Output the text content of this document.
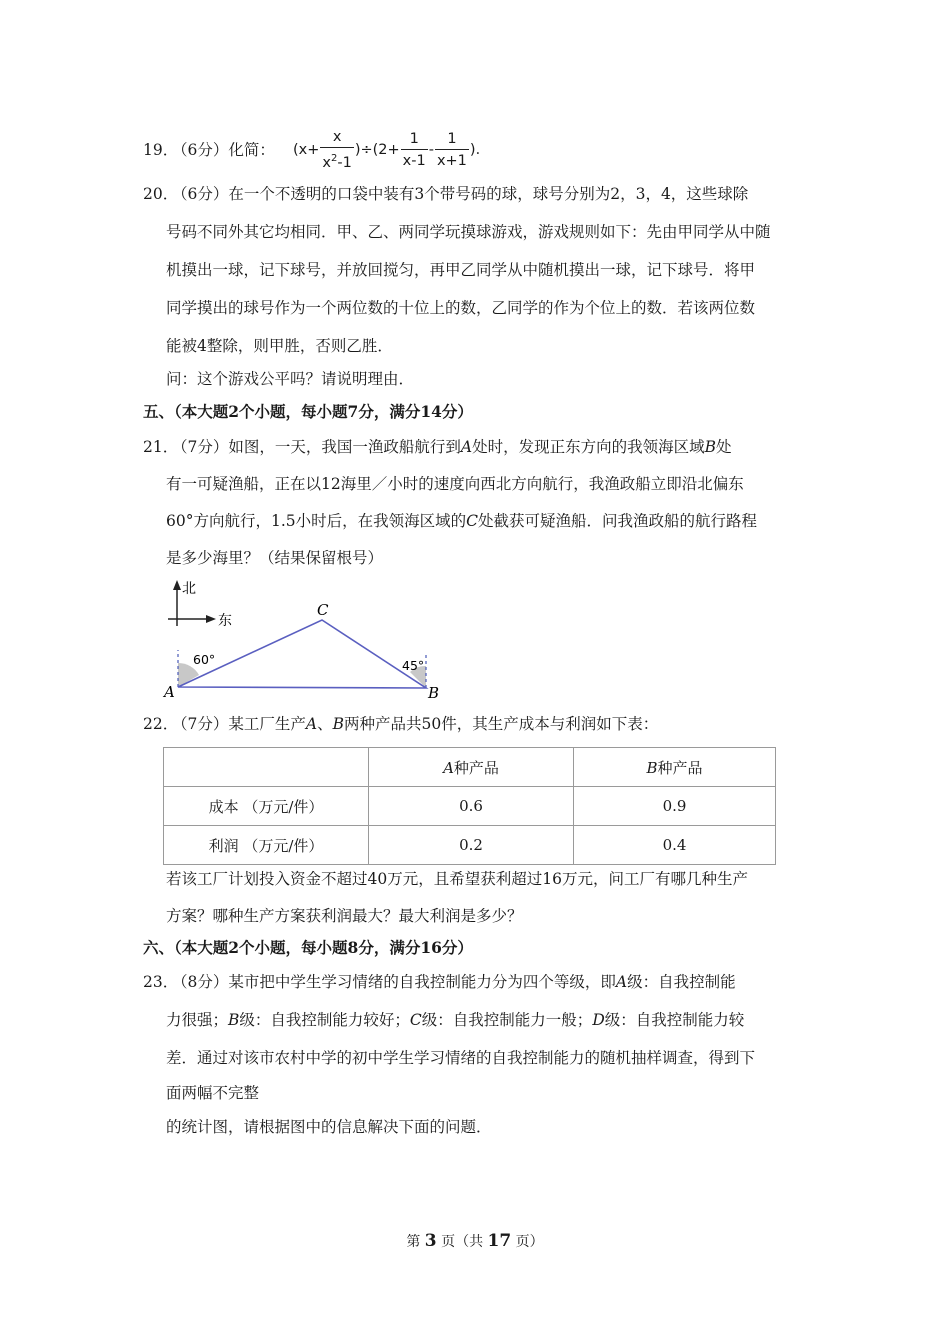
19．
（6分）化简： $(x+ \frac{x}{x^2-1} )\div(2+ \frac{1}{x-1} - \frac{1}{x+1}$ )．
20．
（6分）在一个不透明的口袋中装有3个带号码的球，球号分别为2，3，4，这些球除
号码不同外其它均相同．甲、乙、两同学玩摸球游戏，游戏规则如下：先由甲同学从中随
机摸出一球，记下球号，并放回搅匀，再甲乙同学从中随机摸出一球，记下球号．将甲
同学摸出的球号作为一个两位数的十位上的数，乙同学的作为个位上的数．若该两位数
能被4整除，则甲胜，否则乙胜．
问：这个游戏公平吗？请说明理由．
五、（本大题2个小题，每小题7分，满分14分）
21．
（7分）如图，一天，我国一渔政船航行到A处时，发现正东方向的我领海区域B处
有一可疑渔船，正在以12海里／小时的速度向西北方向航行，我渔政船立即沿北偏东
60°方向航行，1.5小时后，在我领海区域的C处截获可疑渔船．问我渔政船的航行路程
是多少海里？（结果保留根号）
北
东
A	B
C
60°	45°
22．
（7分）某工厂生产A、B两种产品共50件，其生产成本与利润如下表：
	A种产品	B种产品
成本 （万元/件）	0.6	0.9
利润 （万元/件）	0.2	0.4
若该工厂计划投入资金不超过40万元，且希望获利超过16万元，问工厂有哪几种生产
方案？哪种生产方案获利润最大？最大利润是多少？
六、（本大题2个小题，每小题8分，满分16分）
23．
（8分）某市把中学生学习情绪的自我控制能力分为四个等级，即A级：自我控制能
力很强；B级：自我控制能力较好；C级：自我控制能力一般；D级：自我控制能力较
差．通过对该市农村中学的初中学生学习情绪的自我控制能力的随机抽样调查，得到下
面两幅不完整
的统计图，请根据图中的信息解决下面的问题．
第 3 页（共 17 页）
